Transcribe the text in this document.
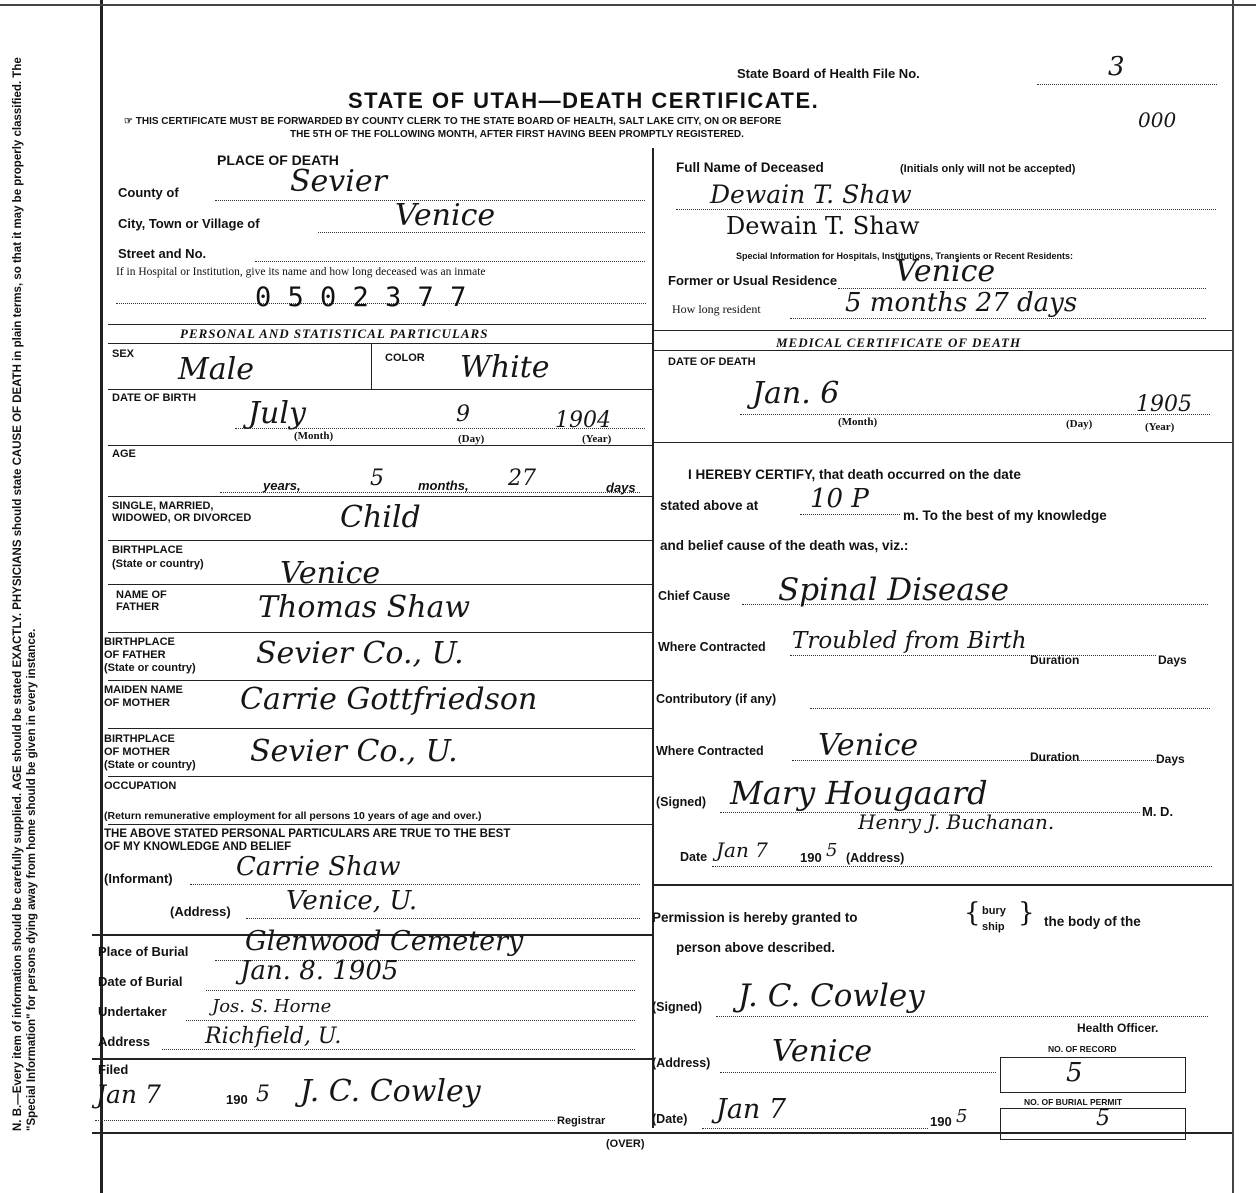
N. B.—Every item of information should be carefully supplied. AGE should be stated EXACTLY. PHYSICIANS should state CAUSE OF DEATH in plain terms, so that it may be properly classified. The "Special Information" for persons dying away from home should be given in every instance.
State Board of Health File No.	3
STATE OF UTAH—DEATH CERTIFICATE.
☞ THIS CERTIFICATE MUST BE FORWARDED BY COUNTY CLERK TO THE STATE BOARD OF HEALTH, SALT LAKE CITY, ON OR BEFORE
THE 5TH OF THE FOLLOWING MONTH, AFTER FIRST HAVING BEEN PROMPTLY REGISTERED.
000
PLACE OF DEATH
County of	Sevier
City, Town or Village of	Venice
Street and No.
If in Hospital or Institution, give its name and how long deceased was an inmate
0 5 0 2 3 7 7
PERSONAL AND STATISTICAL PARTICULARS
SEX Male	COLOR White
DATE OF BIRTH July	9	1904
(Month)	(Day)	(Year)
AGE
years,	5	months, 27	days
SINGLE, MARRIED,
WIDOWED, OR DIVORCED	Child
BIRTHPLACE
(State or country)	Venice
NAME OF
FATHER	Thomas Shaw
BIRTHPLACE
OF FATHER
(State or country) Sevier Co., U.
MAIDEN NAME
OF MOTHER Carrie Gottfriedson
BIRTHPLACE
OF MOTHER
(State or country) Sevier Co., U.
OCCUPATION
(Return remunerative employment for all persons 10 years of age and over.)
THE ABOVE STATED PERSONAL PARTICULARS ARE TRUE TO THE BEST
OF MY KNOWLEDGE AND BELIEF
(Informant) Carrie Shaw
(Address) Venice, U.
Place of Burial Glenwood Cemetery
Date of Burial Jan. 8. 1905
Undertaker	Jos. S. Horne
Address Richfield, U.
Filed
Jan 7	190 5 J. C. Cowley
Registrar
(OVER)
Full Name of Deceased	(Initials only will not be accepted)
Dewain T. Shaw
Dewain T. Shaw
Special Information for Hospitals, Institutions, Transients or Recent Residents:
Former or Usual Residence Venice
How long resident	5 months 27 days
MEDICAL CERTIFICATE OF DEATH
DATE OF DEATH
Jan. 6	1905
(Month)	(Day)	(Year)
I HEREBY CERTIFY, that death occurred on the date
stated above at 10 P
m. To the best of my knowledge
and belief cause of the death was, viz.:
Chief Cause Spinal Disease
Where Contracted Troubled from Birth
Duration	Days
Contributory (if any)
Where Contracted Venice	Duration	Days
(Signed) Mary Hougaard	M. D.
Henry J. Buchanan.
Date Jan 7 190 5 (Address)
Permission is hereby granted to	{ bury
ship } the body of the
person above described.
(Signed) J. C. Cowley
Health Officer.
(Address) Venice	NO. OF RECORD
5
NO. OF BURIAL PERMIT
(Date) Jan 7	190 5	5
